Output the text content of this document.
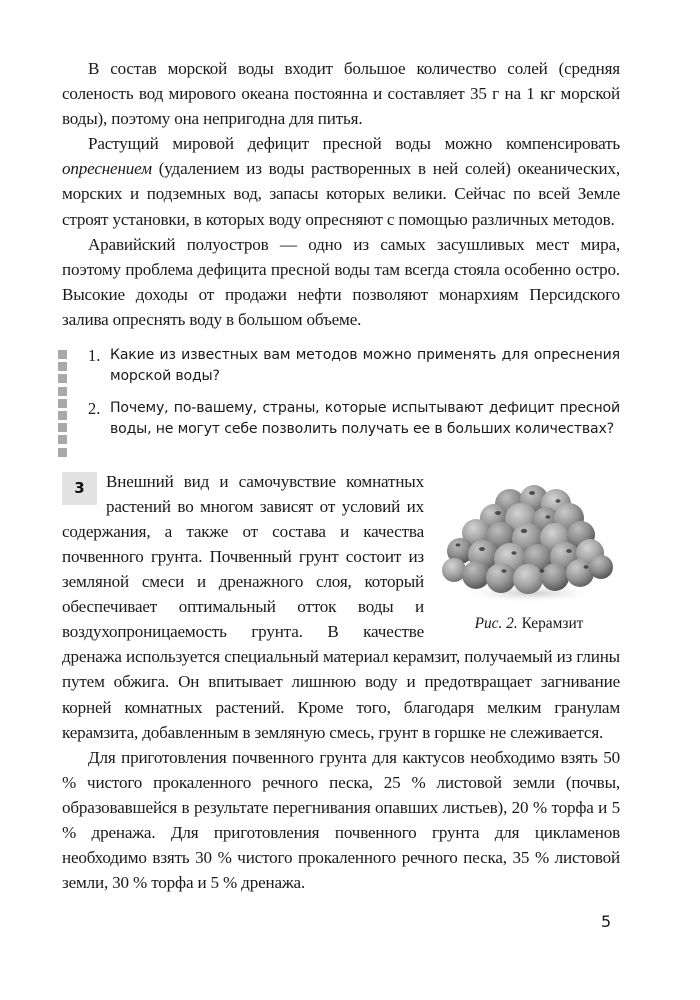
В состав морской воды входит большое количество солей (средняя соленость вод мирового океана постоянна и составляет 35 г на 1 кг морской воды), поэтому она непригодна для питья.

Растущий мировой дефицит пресной воды можно компенсировать опреснением (удалением из воды растворенных в ней солей) океанических, морских и подземных вод, запасы которых велики. Сейчас по всей Земле строят установки, в которых воду опресняют с помощью различных методов.

Аравийский полуостров — одно из самых засушливых мест мира, поэтому проблема дефицита пресной воды там всегда стояла особенно остро. Высокие доходы от продажи нефти позволяют монархиям Персидского залива опреснять воду в большом объеме.

1. Какие из известных вам методов можно применять для опреснения морской воды?
2. Почему, по-вашему, страны, которые испытывают дефицит пресной воды, не могут себе позволить получать ее в больших количествах?
Рис. 2. Керамзит
3	Внешний вид и самочувствие комнатных растений во многом зависят от условий их содержания, а также от состава и качества почвенного грунта. Почвенный грунт состоит из земляной смеси и дренажного слоя, который обеспечивает оптимальный отток воды и воздухопроницаемость грунта. В качестве дренажа используется специальный материал керамзит, получаемый из глины путем обжига. Он впитывает лишнюю воду и предотвращает загнивание корней комнатных растений. Кроме того, благодаря мелким гранулам керамзита, добавленным в земляную смесь, грунт в горшке не слеживается.

Для приготовления почвенного грунта для кактусов необходимо взять 50 % чистого прокаленного речного песка, 25 % листовой земли (почвы, образовавшейся в результате перегнивания опавших листьев), 20 % торфа и 5 % дренажа. Для приготовления почвенного грунта для цикламенов необходимо взять 30 % чистого прокаленного речного песка, 35 % листовой земли, 30 % торфа и 5 % дренажа.

5
